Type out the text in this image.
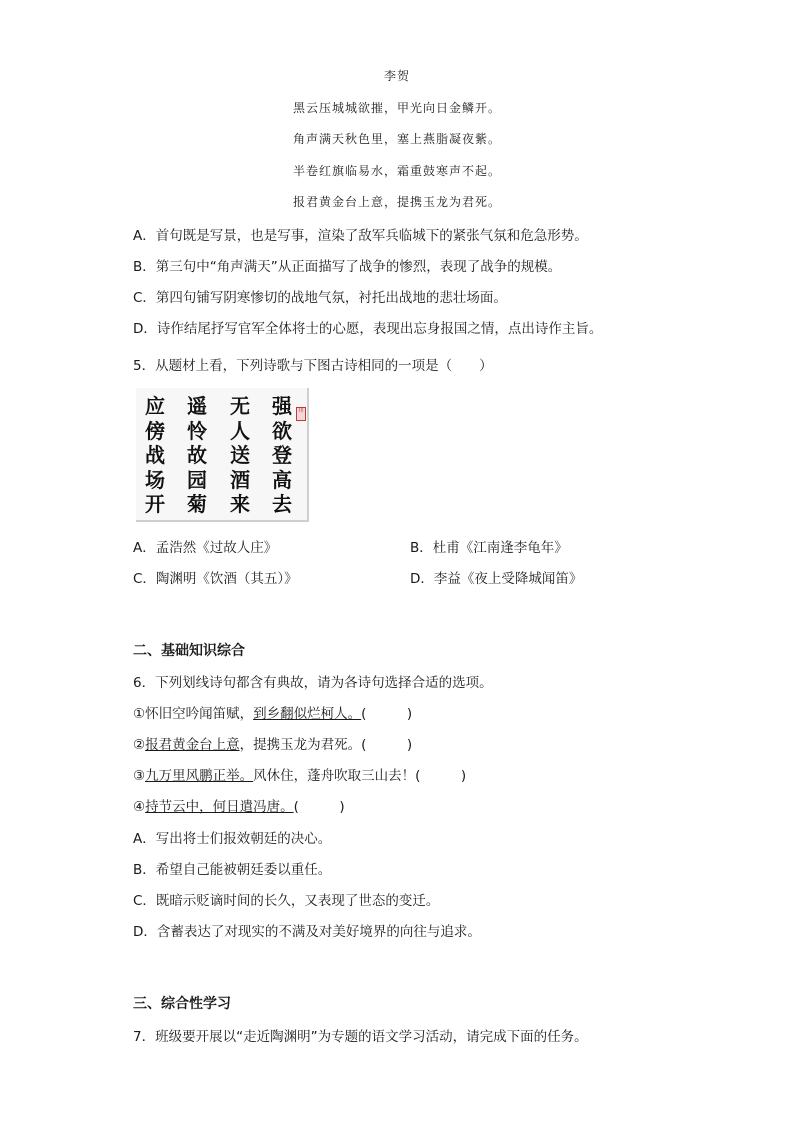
李贺
黑云压城城欲摧，甲光向日金鳞开。
角声满天秋色里，塞上燕脂凝夜紫。
半卷红旗临易水，霜重鼓寒声不起。
报君黄金台上意，提携玉龙为君死。
A．首句既是写景，也是写事，渲染了敌军兵临城下的紧张气氛和危急形势。
B．第三句中“角声满天”从正面描写了战争的惨烈，表现了战争的规模。
C．第四句铺写阴寒惨切的战地气氛，衬托出战地的悲壮场面。
D．诗作结尾抒写官军全体将士的心愿，表现出忘身报国之情，点出诗作主旨。
5．从题材上看，下列诗歌与下图古诗相同的一项是（　　）
强
欲
登
高
去
无
人
送
酒
来
遥
怜
故
园
菊
应
傍
战
场
开
印
A．孟浩然《过故人庄》	B．杜甫《江南逢李龟年》
C．陶渊明《饮酒（其五）》	D．李益《夜上受降城闻笛》
二、基础知识综合
6．下列划线诗句都含有典故，请为各诗句选择合适的选项。
①怀旧空吟闻笛赋，到乡翻似烂柯人。(　　　)
②报君黄金台上意，提携玉龙为君死。(　　　)
③九万里风鹏正举。风休住，蓬舟吹取三山去！(　　　)
④持节云中，何日遣冯唐。(　　　)
A．写出将士们报效朝廷的决心。
B．希望自己能被朝廷委以重任。
C．既暗示贬谪时间的长久，又表现了世态的变迁。
D．含蓄表达了对现实的不满及对美好境界的向往与追求。
三、综合性学习
7．班级要开展以“走近陶渊明”为专题的语文学习活动，请完成下面的任务。
